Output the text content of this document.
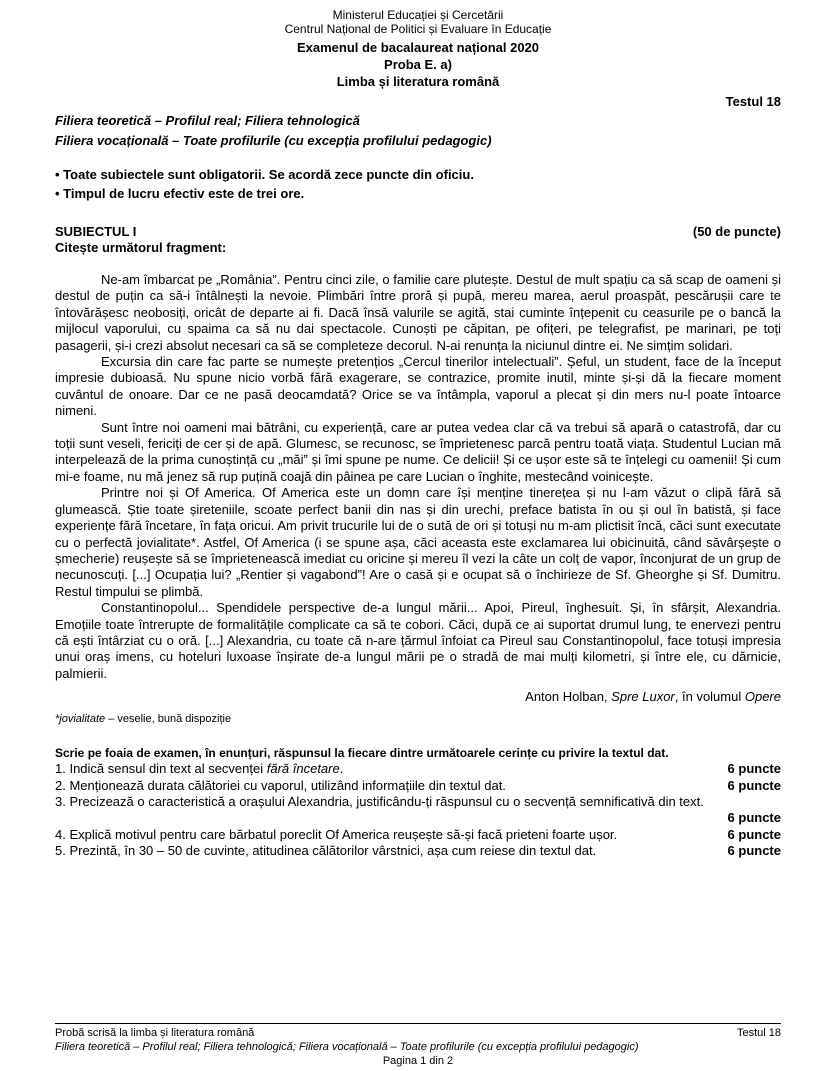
Ministerul Educației și Cercetării
Centrul Național de Politici și Evaluare în Educație
Examenul de bacalaureat național 2020
Proba E. a)
Limba și literatura română
Testul 18
Filiera teoretică – Profilul real; Filiera tehnologică
Filiera vocațională – Toate profilurile (cu excepția profilului pedagogic)
• Toate subiectele sunt obligatorii. Se acordă zece puncte din oficiu.
• Timpul de lucru efectiv este de trei ore.
SUBIECTUL I	(50 de puncte)
Citește următorul fragment:

Ne-am îmbarcat pe „România”. Pentru cinci zile, o familie care plutește. Destul de mult spațiu ca să scap de oameni și destul de puțin ca să-i întâlnești la nevoie. Plimbări între proră și pupă, mereu marea, aerul proaspăt, pescărușii care te întovărășesc neobosiți, oricât de departe ai fi. Dacă însă valurile se agită, stai cuminte înțepenit cu ceasurile pe o bancă la mijlocul vaporului, cu spaima ca să nu dai spectacole. Cunoști pe căpitan, pe ofițeri, pe telegrafist, pe marinari, pe toți pasagerii, și-i crezi absolut necesari ca să se completeze decorul. N-ai renunța la niciunul dintre ei. Ne simțim solidari.

Excursia din care fac parte se numește pretențios „Cercul tinerilor intelectuali”. Șeful, un student, face de la început impresie dubioasă. Nu spune nicio vorbă fără exagerare, se contrazice, promite inutil, minte și-și dă la fiecare moment cuvântul de onoare. Dar ce ne pasă deocamdată? Orice se va întâmpla, vaporul a plecat și din mers nu-l poate întoarce nimeni.

Sunt între noi oameni mai bătrâni, cu experiență, care ar putea vedea clar că va trebui să apară o catastrofă, dar cu toții sunt veseli, fericiți de cer și de apă. Glumesc, se recunosc, se împrietenesc parcă pentru toată viața. Studentul Lucian mă interpelează de la prima cunoștință cu „măi” și îmi spune pe nume. Ce delicii! Și ce ușor este să te înțelegi cu oamenii! Și cum mi-e foame, nu mă jenez să rup puțină coajă din pâinea pe care Lucian o înghite, mestecând voinicește.

Printre noi și Of America. Of America este un domn care își menține tinerețea și nu l-am văzut o clipă fără să glumească. Știe toate șireteniile, scoate perfect banii din nas și din urechi, preface batista în ou și oul în batistă, și face experiențe fără încetare, în fața oricui. Am privit trucurile lui de o sută de ori și totuși nu m-am plictisit încă, căci sunt executate cu o perfectă jovialitate*. Astfel, Of America (i se spune așa, căci aceasta este exclamarea lui obicinuită, când săvârșește o șmecherie) reușește să se împrietenească imediat cu oricine și mereu îl vezi la câte un colț de vapor, înconjurat de un grup de necunoscuți. [...] Ocupația lui? „Rentier și vagabond”! Are o casă și e ocupat să o închirieze de Sf. Gheorghe și Sf. Dumitru. Restul timpului se plimbă.

Constantinopolul... Spendidele perspective de-a lungul mării... Apoi, Pireul, înghesuit. Și, în sfârșit, Alexandria. Emoțiile toate întrerupte de formalitățile complicate ca să te cobori. Căci, după ce ai suportat drumul lung, te enervezi pentru că ești întârziat cu o oră. [...] Alexandria, cu toate că n-are țărmul înfoiat ca Pireul sau Constantinopolul, face totuși impresia unui oraș imens, cu hoteluri luxoase înșirate de-a lungul mării pe o stradă de mai mulți kilometri, și între ele, cu dărnicie, palmierii.

Anton Holban, Spre Luxor, în volumul Opere
*jovialitate – veselie, bună dispoziție
Scrie pe foaia de examen, în enunțuri, răspunsul la fiecare dintre următoarele cerințe cu privire la textul dat.
1. Indică sensul din text al secvenței fără încetare.	6 puncte
2. Menționează durata călătoriei cu vaporul, utilizând informațiile din textul dat.	6 puncte
3. Precizează o caracteristică a orașului Alexandria, justificându-ți răspunsul cu o secvență semnificativă din text.
6 puncte
4. Explică motivul pentru care bărbatul poreclit Of America reușește să-și facă prieteni foarte ușor.	6 puncte
5. Prezintă, în 30 – 50 de cuvinte, atitudinea călătorilor vârstnici, așa cum reiese din textul dat.	6 puncte
Probă scrisă la limba și literatura română	Testul 18
Filiera teoretică – Profilul real; Filiera tehnologică; Filiera vocațională – Toate profilurile (cu excepția profilului pedagogic)
Pagina 1 din 2
